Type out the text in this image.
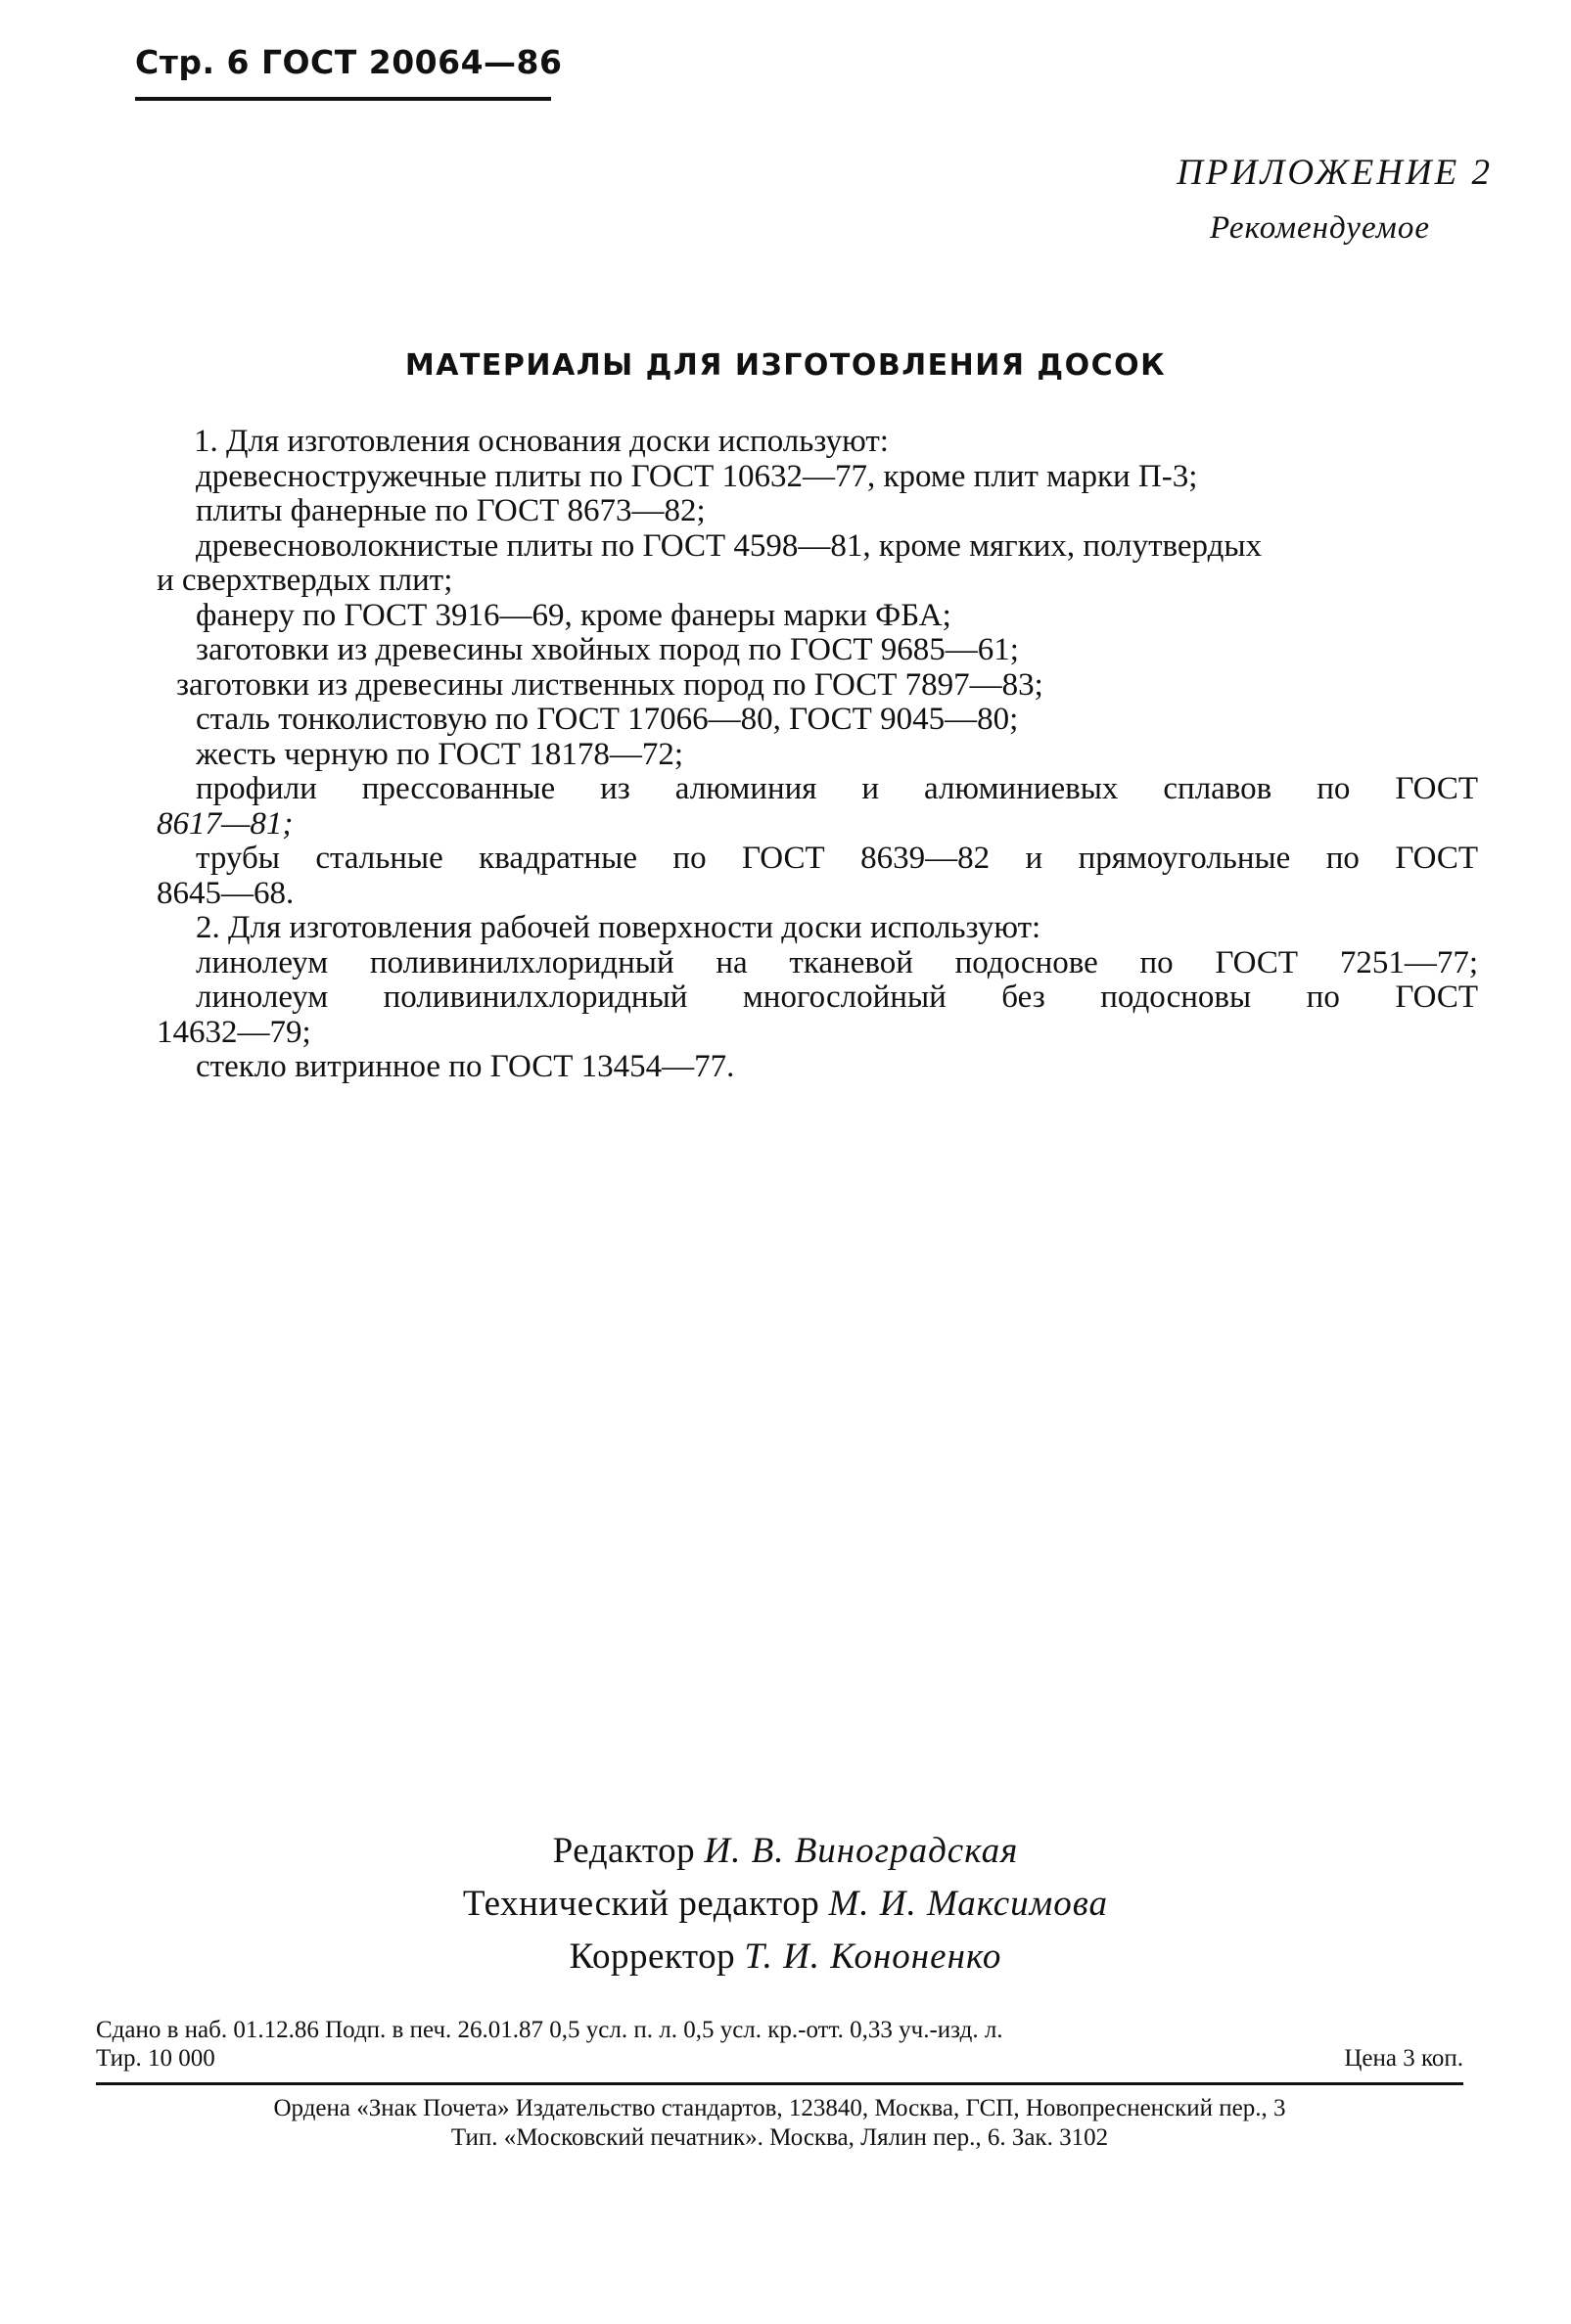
Стр. 6 ГОСТ 20064—86
ПРИЛОЖЕНИЕ 2
Рекомендуемое
МАТЕРИАЛЫ ДЛЯ ИЗГОТОВЛЕНИЯ ДОСОК
1. Для изготовления основания доски используют:
древесностружечные плиты по ГОСТ 10632—77, кроме плит марки П-3;
плиты фанерные по ГОСТ 8673—82;
древесноволокнистые плиты по ГОСТ 4598—81, кроме мягких, полутвердых
и сверхтвердых плит;
фанеру по ГОСТ 3916—69, кроме фанеры марки ФБА;
заготовки из древесины хвойных пород по ГОСТ 9685—61;
заготовки из древесины лиственных пород по ГОСТ 7897—83;
сталь тонколистовую по ГОСТ 17066—80, ГОСТ 9045—80;
жесть черную по ГОСТ 18178—72;
профили прессованные из алюминия и алюминиевых сплавов по ГОСТ
8617—81;
трубы стальные квадратные по ГОСТ 8639—82 и прямоугольные по ГОСТ
8645—68.
2. Для изготовления рабочей поверхности доски используют:
линолеум поливинилхлоридный на тканевой подоснове по ГОСТ 7251—77;
линолеум поливинилхлоридный многослойный без подосновы по ГОСТ
14632—79;
стекло витринное по ГОСТ 13454—77.
Редактор И. В. Виноградская
Технический редактор М. И. Максимова
Корректор Т. И. Кононенко
Сдано в наб. 01.12.86 Подп. в печ. 26.01.87 0,5 усл. п. л. 0,5 усл. кр.-отт. 0,33 уч.-изд. л.
Тир. 10 000	Цена 3 коп.
Ордена «Знак Почета» Издательство стандартов, 123840, Москва, ГСП, Новопресненский пер., 3
Тип. «Московский печатник». Москва, Лялин пер., 6. Зак. 3102
